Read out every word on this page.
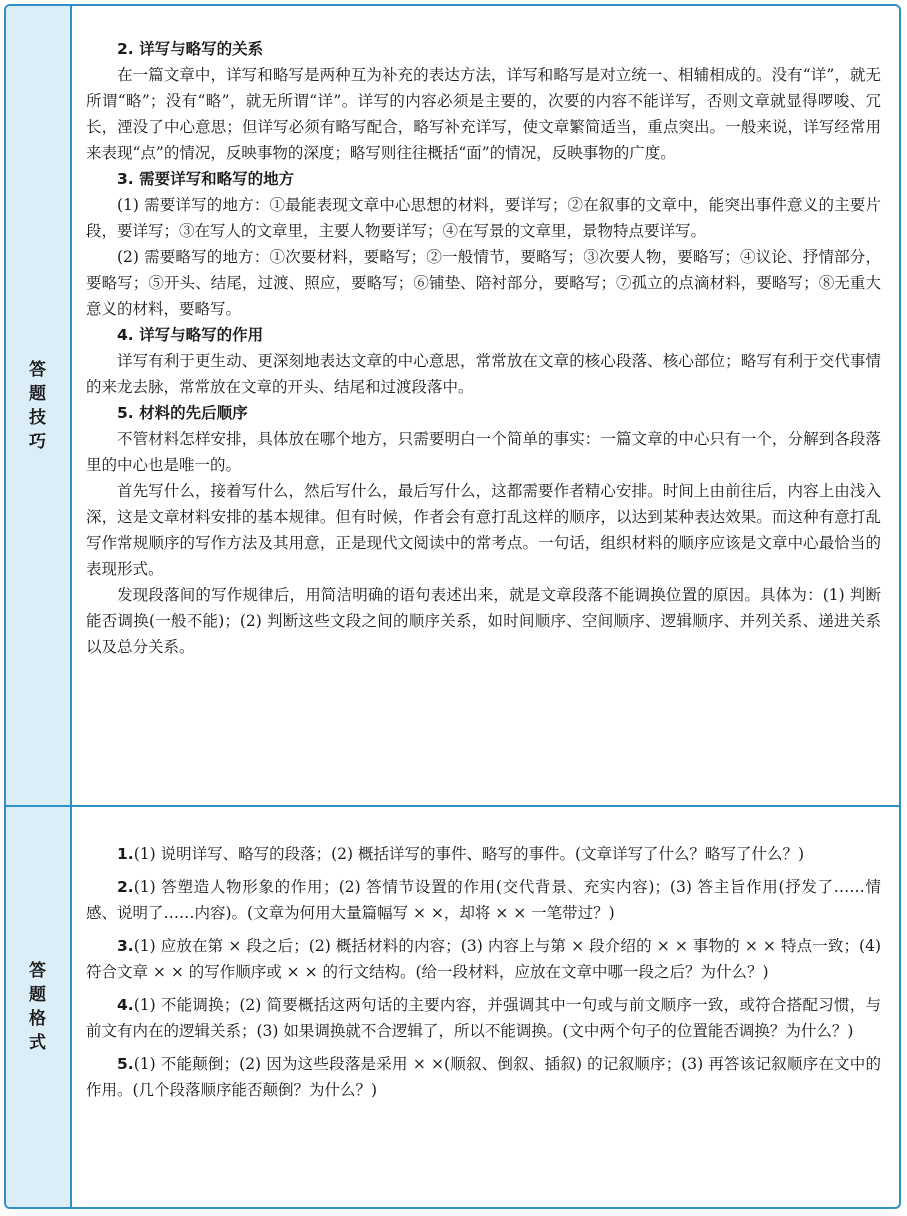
答题技巧

2. 详写与略写的关系

在一篇文章中，详写和略写是两种互为补充的表达方法，详写和略写是对立统一、相辅相成的。没有“详”，就无所谓“略”；没有“略”，就无所谓“详”。详写的内容必须是主要的，次要的内容不能详写，否则文章就显得啰唆、冗长，湮没了中心意思；但详写必须有略写配合，略写补充详写，使文章繁简适当，重点突出。一般来说，详写经常用来表现“点”的情况，反映事物的深度；略写则往往概括“面”的情况，反映事物的广度。

3. 需要详写和略写的地方

(1) 需要详写的地方：①最能表现文章中心思想的材料，要详写；②在叙事的文章中，能突出事件意义的主要片段，要详写；③在写人的文章里，主要人物要详写；④在写景的文章里，景物特点要详写。

(2) 需要略写的地方：①次要材料，要略写；②一般情节，要略写；③次要人物，要略写；④议论、抒情部分，要略写；⑤开头、结尾，过渡、照应，要略写；⑥铺垫、陪衬部分，要略写；⑦孤立的点滴材料，要略写；⑧无重大意义的材料，要略写。

4. 详写与略写的作用

详写有利于更生动、更深刻地表达文章的中心意思，常常放在文章的核心段落、核心部位；略写有利于交代事情的来龙去脉，常常放在文章的开头、结尾和过渡段落中。

5. 材料的先后顺序

不管材料怎样安排，具体放在哪个地方，只需要明白一个简单的事实：一篇文章的中心只有一个，分解到各段落里的中心也是唯一的。

首先写什么，接着写什么，然后写什么，最后写什么，这都需要作者精心安排。时间上由前往后，内容上由浅入深，这是文章材料安排的基本规律。但有时候，作者会有意打乱这样的顺序，以达到某种表达效果。而这种有意打乱写作常规顺序的写作方法及其用意，正是现代文阅读中的常考点。一句话，组织材料的顺序应该是文章中心最恰当的表现形式。

发现段落间的写作规律后，用简洁明确的语句表述出来，就是文章段落不能调换位置的原因。具体为：(1) 判断能否调换(一般不能)；(2) 判断这些文段之间的顺序关系，如时间顺序、空间顺序、逻辑顺序、并列关系、递进关系以及总分关系。

答题格式

1.(1) 说明详写、略写的段落；(2) 概括详写的事件、略写的事件。(文章详写了什么？略写了什么？)

2.(1) 答塑造人物形象的作用；(2) 答情节设置的作用(交代背景、充实内容)；(3) 答主旨作用(抒发了……情感、说明了……内容)。(文章为何用大量篇幅写 × ×，却将 × × 一笔带过？)

3.(1) 应放在第 × 段之后；(2) 概括材料的内容；(3) 内容上与第 × 段介绍的 × × 事物的 × × 特点一致；(4) 符合文章 × × 的写作顺序或 × × 的行文结构。(给一段材料，应放在文章中哪一段之后？为什么？)

4.(1) 不能调换；(2) 简要概括这两句话的主要内容，并强调其中一句或与前文顺序一致，或符合搭配习惯，与前文有内在的逻辑关系；(3) 如果调换就不合逻辑了，所以不能调换。(文中两个句子的位置能否调换？为什么？)

5.(1) 不能颠倒；(2) 因为这些段落是采用 × ×(顺叙、倒叙、插叙) 的记叙顺序；(3) 再答该记叙顺序在文中的作用。(几个段落顺序能否颠倒？为什么？)
